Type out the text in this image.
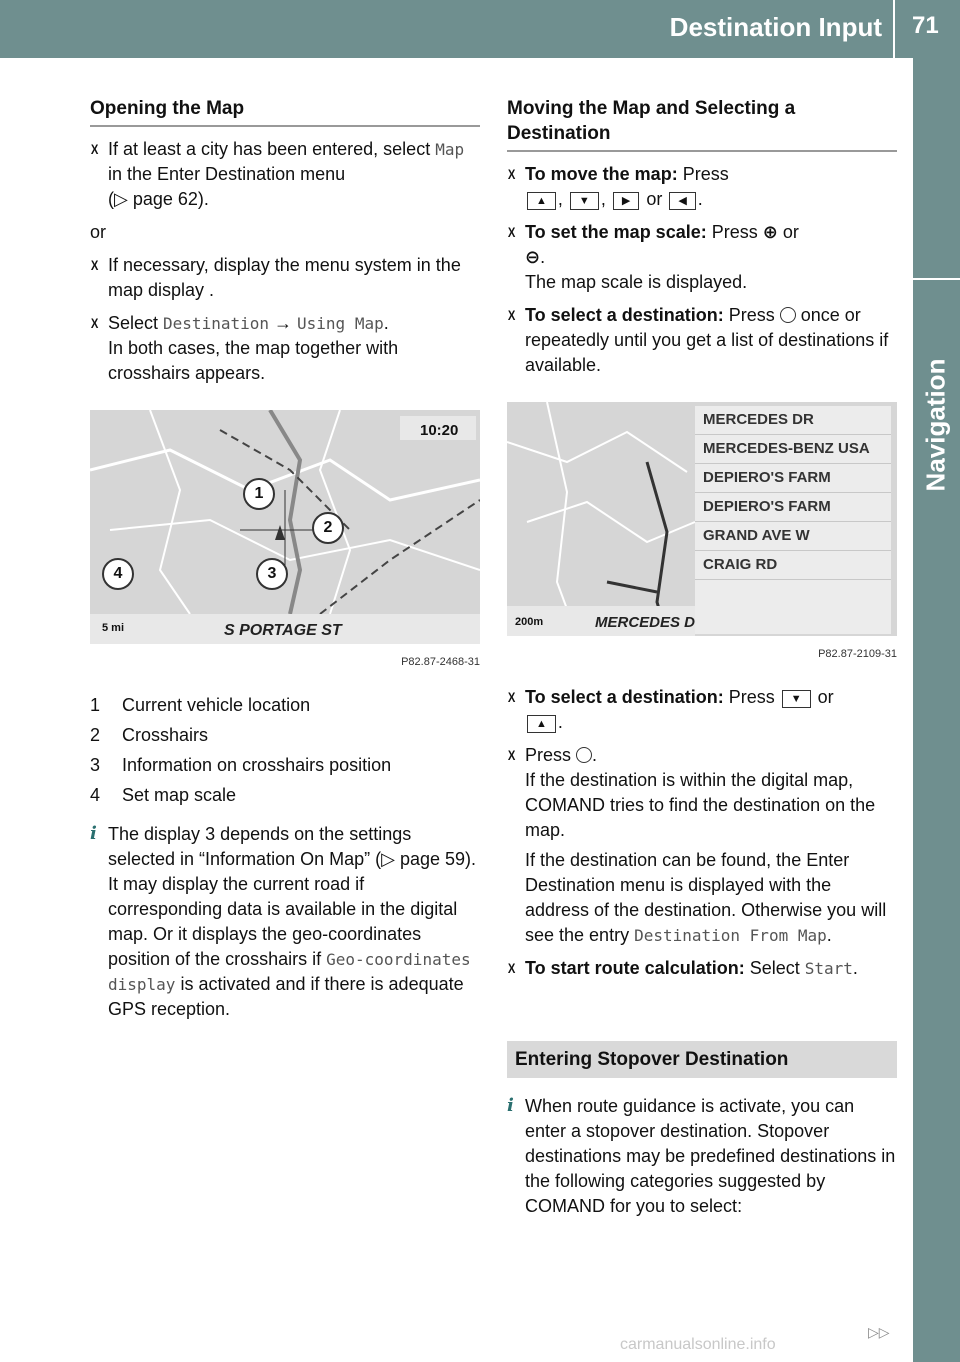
Destination Input 71
Navigation
Opening the Map
X If at least a city has been entered, select Map in the Enter Destination menu
(▷ page 62).
or
X If necessary, display the menu system in the map display .
X Select Destination → Using Map.
In both cases, the map together with crosshairs appears.
10:20
5 mi	S PORTAGE ST
1
2
3
4
P82.87-2468-31
1	Current vehicle location
2	Crosshairs
3	Information on crosshairs position
4	Set map scale
i The display 3 depends on the settings selected in “Information On Map” (▷ page 59). It may display the current road if corresponding data is available in the digital map. Or it displays the geo-coordinates position of the crosshairs if Geo-coordinates display is activated and if there is adequate GPS reception.
Moving the Map and Selecting a Destination
X To move the map: Press
▲ , ▼ , ▶ or ◀ .
X To set the map scale: Press ⊕ or
⊖.
The map scale is displayed.
X To select a destination: Press  once or repeatedly until you get a list of destinations if available.
MERCEDES DR
MERCEDES-BENZ USA
DEPIERO'S FARM
DEPIERO'S FARM
GRAND AVE W
CRAIG RD
200m	MERCEDES D
P82.87-2109-31
X To select a destination: Press ▼ or
▲ .
X Press .
If the destination is within the digital map, COMAND tries to find the destination on the map.
If the destination can be found, the Enter Destination menu is displayed with the address of the destination. Otherwise you will see the entry Destination From Map.
X To start route calculation: Select Start.
Entering Stopover Destination
i When route guidance is activate, you can enter a stopover destination. Stopover destinations may be predefined destinations in the following categories suggested by COMAND for you to select:
▷▷
carmanualsonline.info
